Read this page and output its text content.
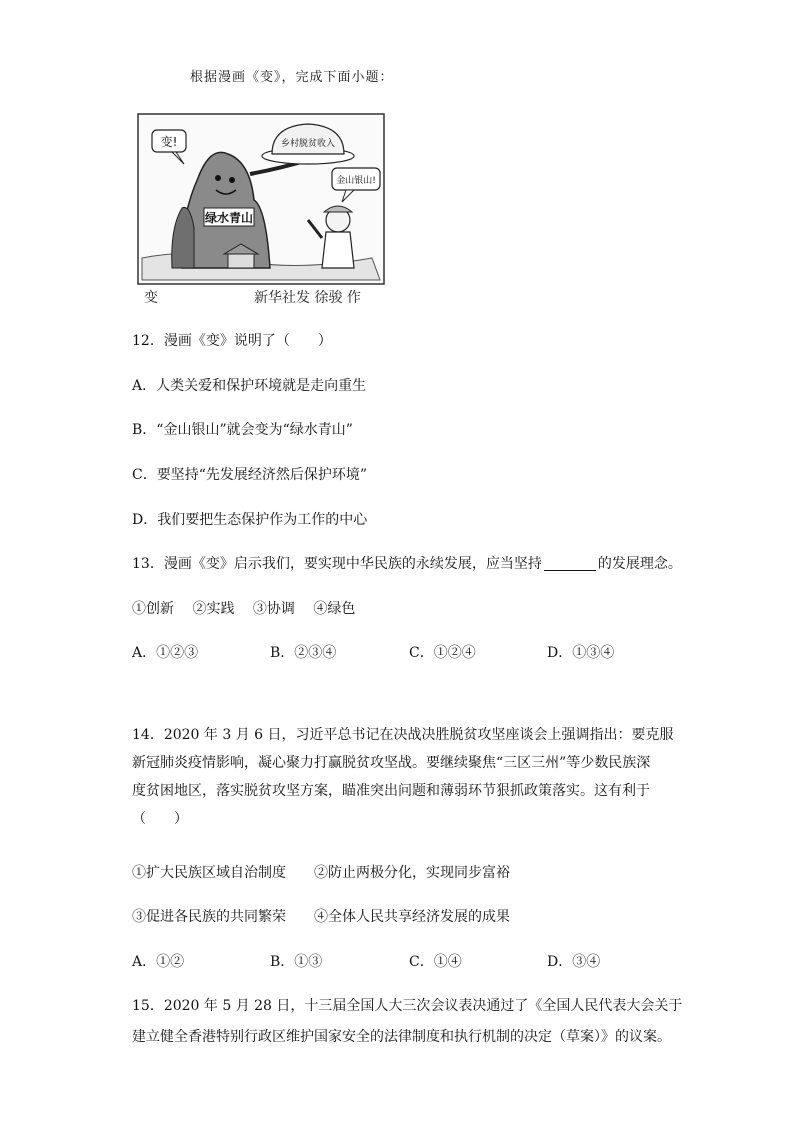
根据漫画《变》，完成下面小题：
绿水青山
变!	乡村脱贫收入
金山银山!
变	新华社发 徐骏 作
12．漫画《变》说明了（　　）
A．人类关爱和保护环境就是走向重生
B．“金山银山”就会变为“绿水青山”
C．要坚持“先发展经济然后保护环境”
D．我们要把生态保护作为工作的中心
13．漫画《变》启示我们，要实现中华民族的永续发展，应当坚持	的发展理念。
①创新　 ②实践　 ③协调　 ④绿色
A．①②③	B．②③④	C．①②④	D．①③④
14．2020 年 3 月 6 日，习近平总书记在决战决胜脱贫攻坚座谈会上强调指出：要克服
新冠肺炎疫情影响，凝心聚力打赢脱贫攻坚战。要继续聚焦“三区三州”等少数民族深
度贫困地区，落实脱贫攻坚方案，瞄准突出问题和薄弱环节狠抓政策落实。这有利于
（　　）
①扩大民族区域自治制度　　②防止两极分化，实现同步富裕
③促进各民族的共同繁荣　　④全体人民共享经济发展的成果
A．①②	B．①③	C．①④	D．③④
15．2020 年 5 月 28 日，十三届全国人大三次会议表决通过了《全国人民代表大会关于
建立健全香港特别行政区维护国家安全的法律制度和执行机制的决定（草案）》的议案。
